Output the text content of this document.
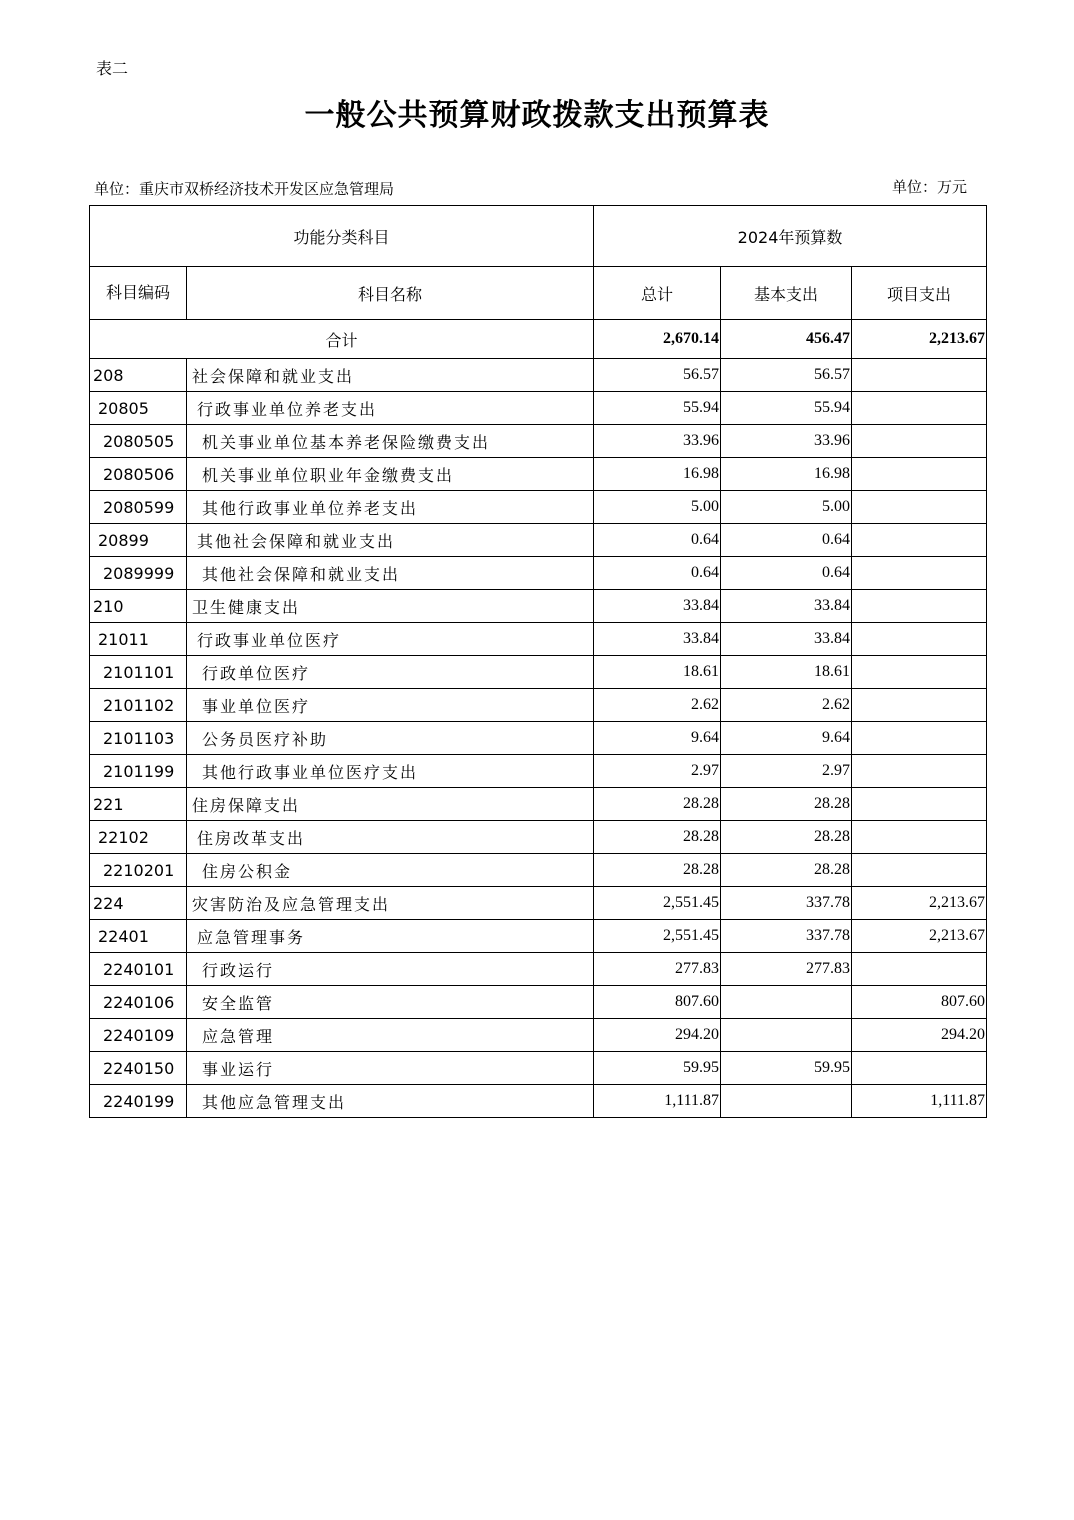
表二
一般公共预算财政拨款支出预算表
单位：重庆市双桥经济技术开发区应急管理局	单位：万元
功能分类科目		2024年预算数		
科目编码	科目名称	总计	基本支出	项目支出
合计		2,670.14	456.47	2,213.67
208	社会保障和就业支出	56.57	56.57	
20805	行政事业单位养老支出	55.94	55.94	
2080505	机关事业单位基本养老保险缴费支出	33.96	33.96	
2080506	机关事业单位职业年金缴费支出	16.98	16.98	
2080599	其他行政事业单位养老支出	5.00	5.00	
20899	其他社会保障和就业支出	0.64	0.64	
2089999	其他社会保障和就业支出	0.64	0.64	
210	卫生健康支出	33.84	33.84	
21011	行政事业单位医疗	33.84	33.84	
2101101	行政单位医疗	18.61	18.61	
2101102	事业单位医疗	2.62	2.62	
2101103	公务员医疗补助	9.64	9.64	
2101199	其他行政事业单位医疗支出	2.97	2.97	
221	住房保障支出	28.28	28.28	
22102	住房改革支出	28.28	28.28	
2210201	住房公积金	28.28	28.28	
224	灾害防治及应急管理支出	2,551.45	337.78	2,213.67
22401	应急管理事务	2,551.45	337.78	2,213.67
2240101	行政运行	277.83	277.83	
2240106	安全监管	807.60		807.60
2240109	应急管理	294.20		294.20
2240150	事业运行	59.95	59.95	
2240199	其他应急管理支出	1,111.87		1,111.87
